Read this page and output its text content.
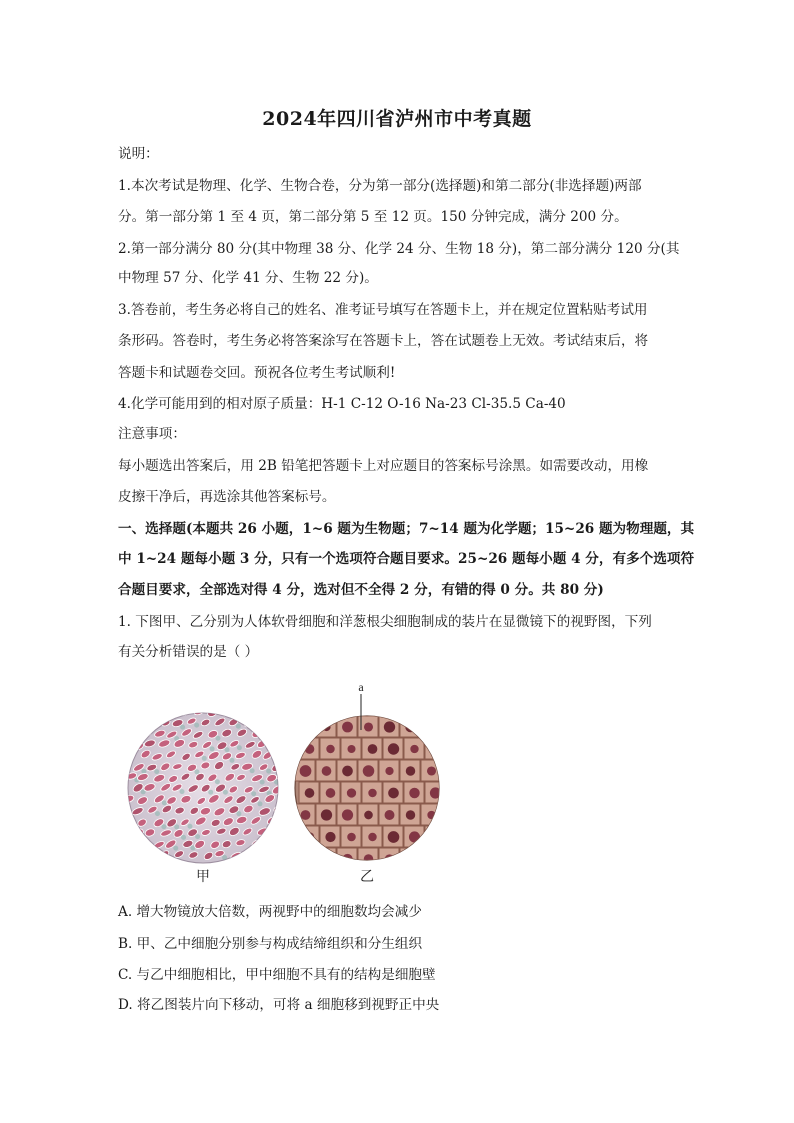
2024年四川省泸州市中考真题
说明：
1.本次考试是物理、化学、生物合卷，分为第一部分(选择题)和第二部分(非选择题)两部
分。第一部分第 1 至 4 页，第二部分第 5 至 12 页。150 分钟完成，满分 200 分。
2.第一部分满分 80 分(其中物理 38 分、化学 24 分、生物 18 分)，第二部分满分 120 分(其
中物理 57 分、化学 41 分、生物 22 分)。
3.答卷前，考生务必将自己的姓名、准考证号填写在答题卡上，并在规定位置粘贴考试用
条形码。答卷时，考生务必将答案涂写在答题卡上，答在试题卷上无效。考试结束后，将
答题卡和试题卷交回。预祝各位考生考试顺利!
4.化学可能用到的相对原子质量：H-1 C-12 O-16 Na-23 Cl-35.5 Ca-40
注意事项：
每小题选出答案后，用 2B 铅笔把答题卡上对应题目的答案标号涂黑。如需要改动，用橡
皮擦干净后，再选涂其他答案标号。
一、选择题(本题共 26 小题，1~6 题为生物题；7~14 题为化学题；15~26 题为物理题，其
中 1~24 题每小题 3 分，只有一个选项符合题目要求。25~26 题每小题 4 分，有多个选项符
合题目要求，全部选对得 4 分，选对但不全得 2 分，有错的得 0 分。共 80 分)
1. 下图甲、乙分别为人体软骨细胞和洋葱根尖细胞制成的装片在显微镜下的视野图，下列
有关分析错误的是（ ）
a
甲	乙
A. 增大物镜放大倍数，两视野中的细胞数均会减少
B. 甲、乙中细胞分别参与构成结缔组织和分生组织
C. 与乙中细胞相比，甲中细胞不具有的结构是细胞壁
D. 将乙图装片向下移动，可将 a 细胞移到视野正中央
